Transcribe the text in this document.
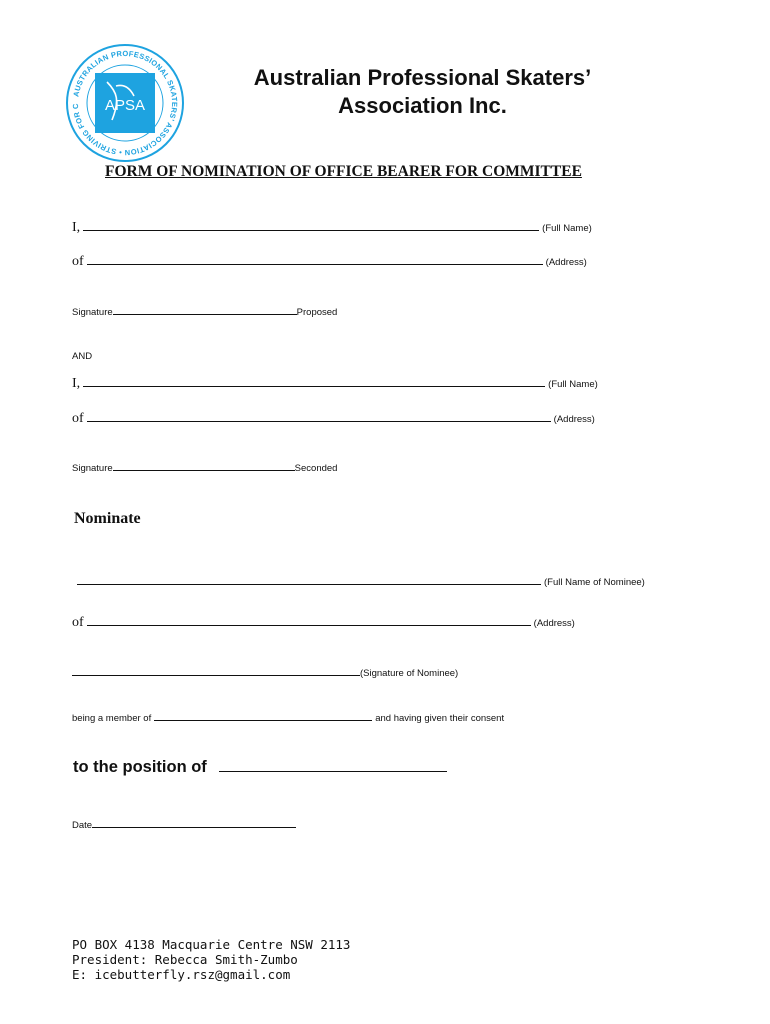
AUSTRALIAN PROFESSIONAL SKATERS' ASSOCIATION • STRIVING FOR C	APSA
Australian Professional Skaters’
Association Inc.
FORM OF NOMINATION OF OFFICE BEARER FOR COMMITTEE
I,	(Full Name)
of	(Address)
Signature	Proposed
AND
I,	(Full Name)
of	(Address)
Signature	Seconded
Nominate
(Full Name of Nominee)
of	(Address)
(Signature of Nominee)
being a member of	and having given their consent
to the position of
Date
PO BOX 4138 Macquarie Centre NSW 2113
President: Rebecca Smith-Zumbo
E: icebutterfly.rsz@gmail.com
